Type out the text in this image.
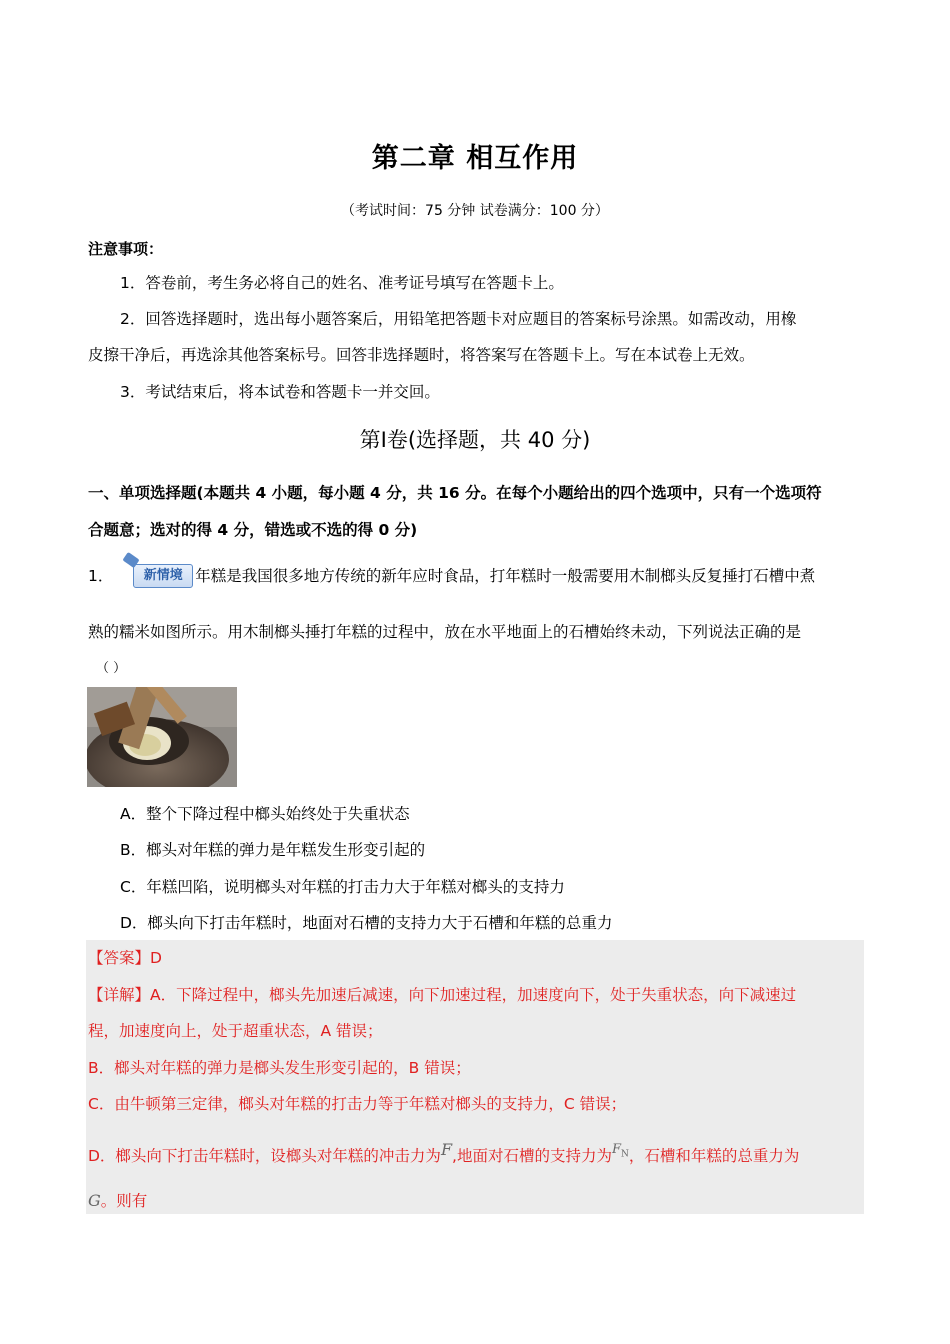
第二章 相互作用
（考试时间：75 分钟 试卷满分：100 分）
注意事项：
1．答卷前，考生务必将自己的姓名、准考证号填写在答题卡上。
2．回答选择题时，选出每小题答案后，用铅笔把答题卡对应题目的答案标号涂黑。如需改动，用橡
皮擦干净后，再选涂其他答案标号。回答非选择题时，将答案写在答题卡上。写在本试卷上无效。
3．考试结束后，将本试卷和答题卡一并交回。
第Ⅰ卷(选择题，共 40 分)
一、单项选择题(本题共 4 小题，每小题 4 分，共 16 分。在每个小题给出的四个选项中，只有一个选项符
合题意；选对的得 4 分，错选或不选的得 0 分)
1． 新情境 年糕是我国很多地方传统的新年应时食品，打年糕时一般需要用木制榔头反复捶打石槽中煮
熟的糯米如图所示。用木制榔头捶打年糕的过程中，放在水平地面上的石槽始终未动，下列说法正确的是
（ ）
A．整个下降过程中榔头始终处于失重状态
B．榔头对年糕的弹力是年糕发生形变引起的
C．年糕凹陷，说明榔头对年糕的打击力大于年糕对榔头的支持力
D．榔头向下打击年糕时，地面对石槽的支持力大于石槽和年糕的总重力
【答案】D
【详解】A．下降过程中，榔头先加速后减速，向下加速过程，加速度向下，处于失重状态，向下减速过
程，加速度向上，处于超重状态，A 错误；
B．榔头对年糕的弹力是榔头发生形变引起的，B 错误；
C．由牛顿第三定律，榔头对年糕的打击力等于年糕对榔头的支持力，C 错误；
D．榔头向下打击年糕时，设榔头对年糕的冲击力为F,地面对石槽的支持力为$^{F_N}$，石槽和年糕的总重力为
G。则有
